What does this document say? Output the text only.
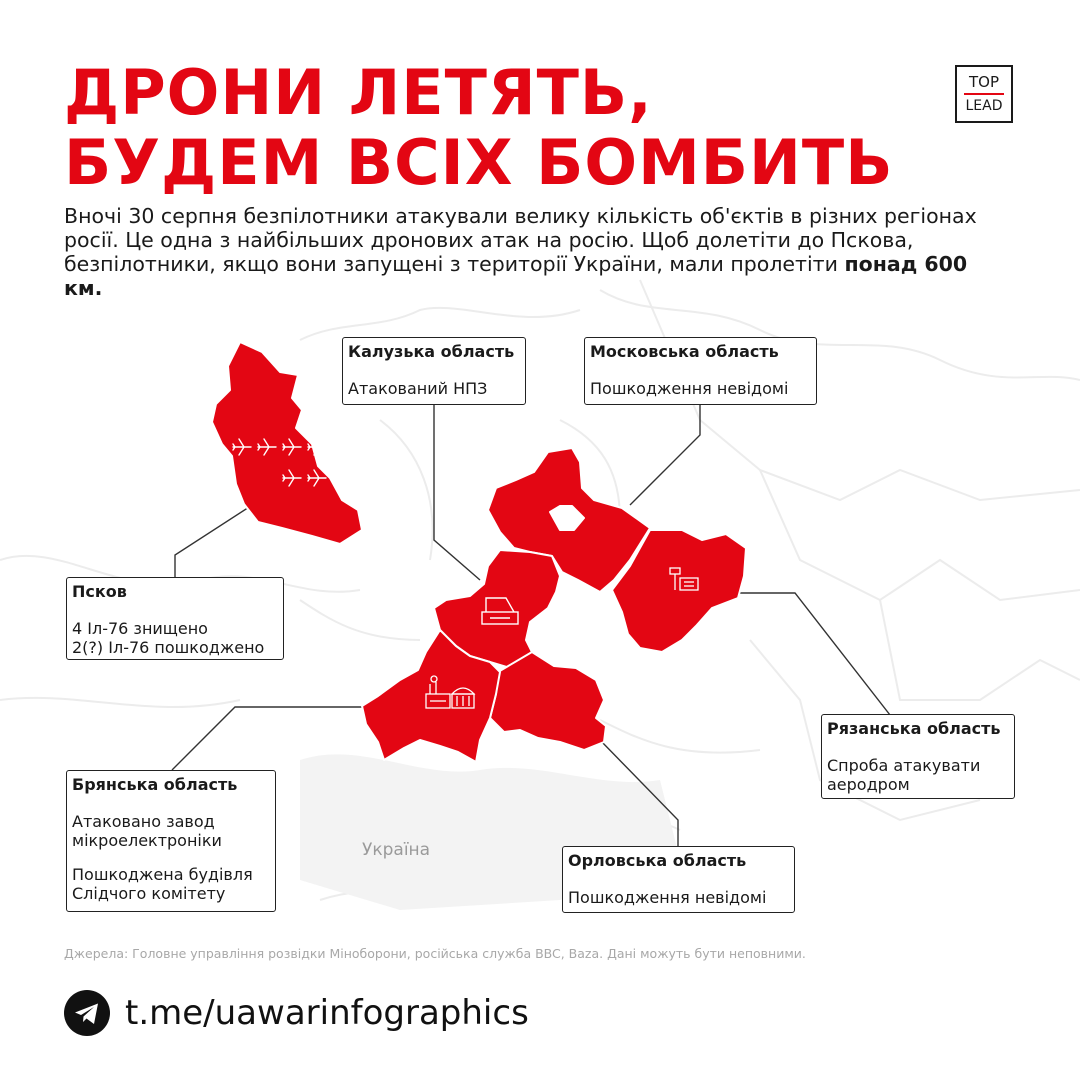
ДРОНИ ЛЕТЯТЬ,
БУДЕМ ВСІХ БОМБИТЬ
TOP
LEAD

Вночі 30 серпня безпілотники атакували велику кількість об'єктів в різних регіонах росії. Це одна з найбільших дронових атак на росію. Щоб долетіти до Пскова, безпілотники, якщо вони запущені з території України, мали пролетіти понад 600 км.

Псков
4 Іл-76 знищено
2(?) Іл-76 пошкоджено
Калузька область
Атакований НПЗ
Московська область
Пошкодження невідомі
Рязанська область
Спроба атакувати
аеродром
Орловська область
Пошкодження невідомі
Брянська область
Атаковано завод
мікроелектроніки
Пошкоджена будівля
Слідчого комітету
Україна
Джерела: Головне управління розвідки Міноборони, російська служба BBC, Baza. Дані можуть бути неповними.
t.me/uawarinfographics
